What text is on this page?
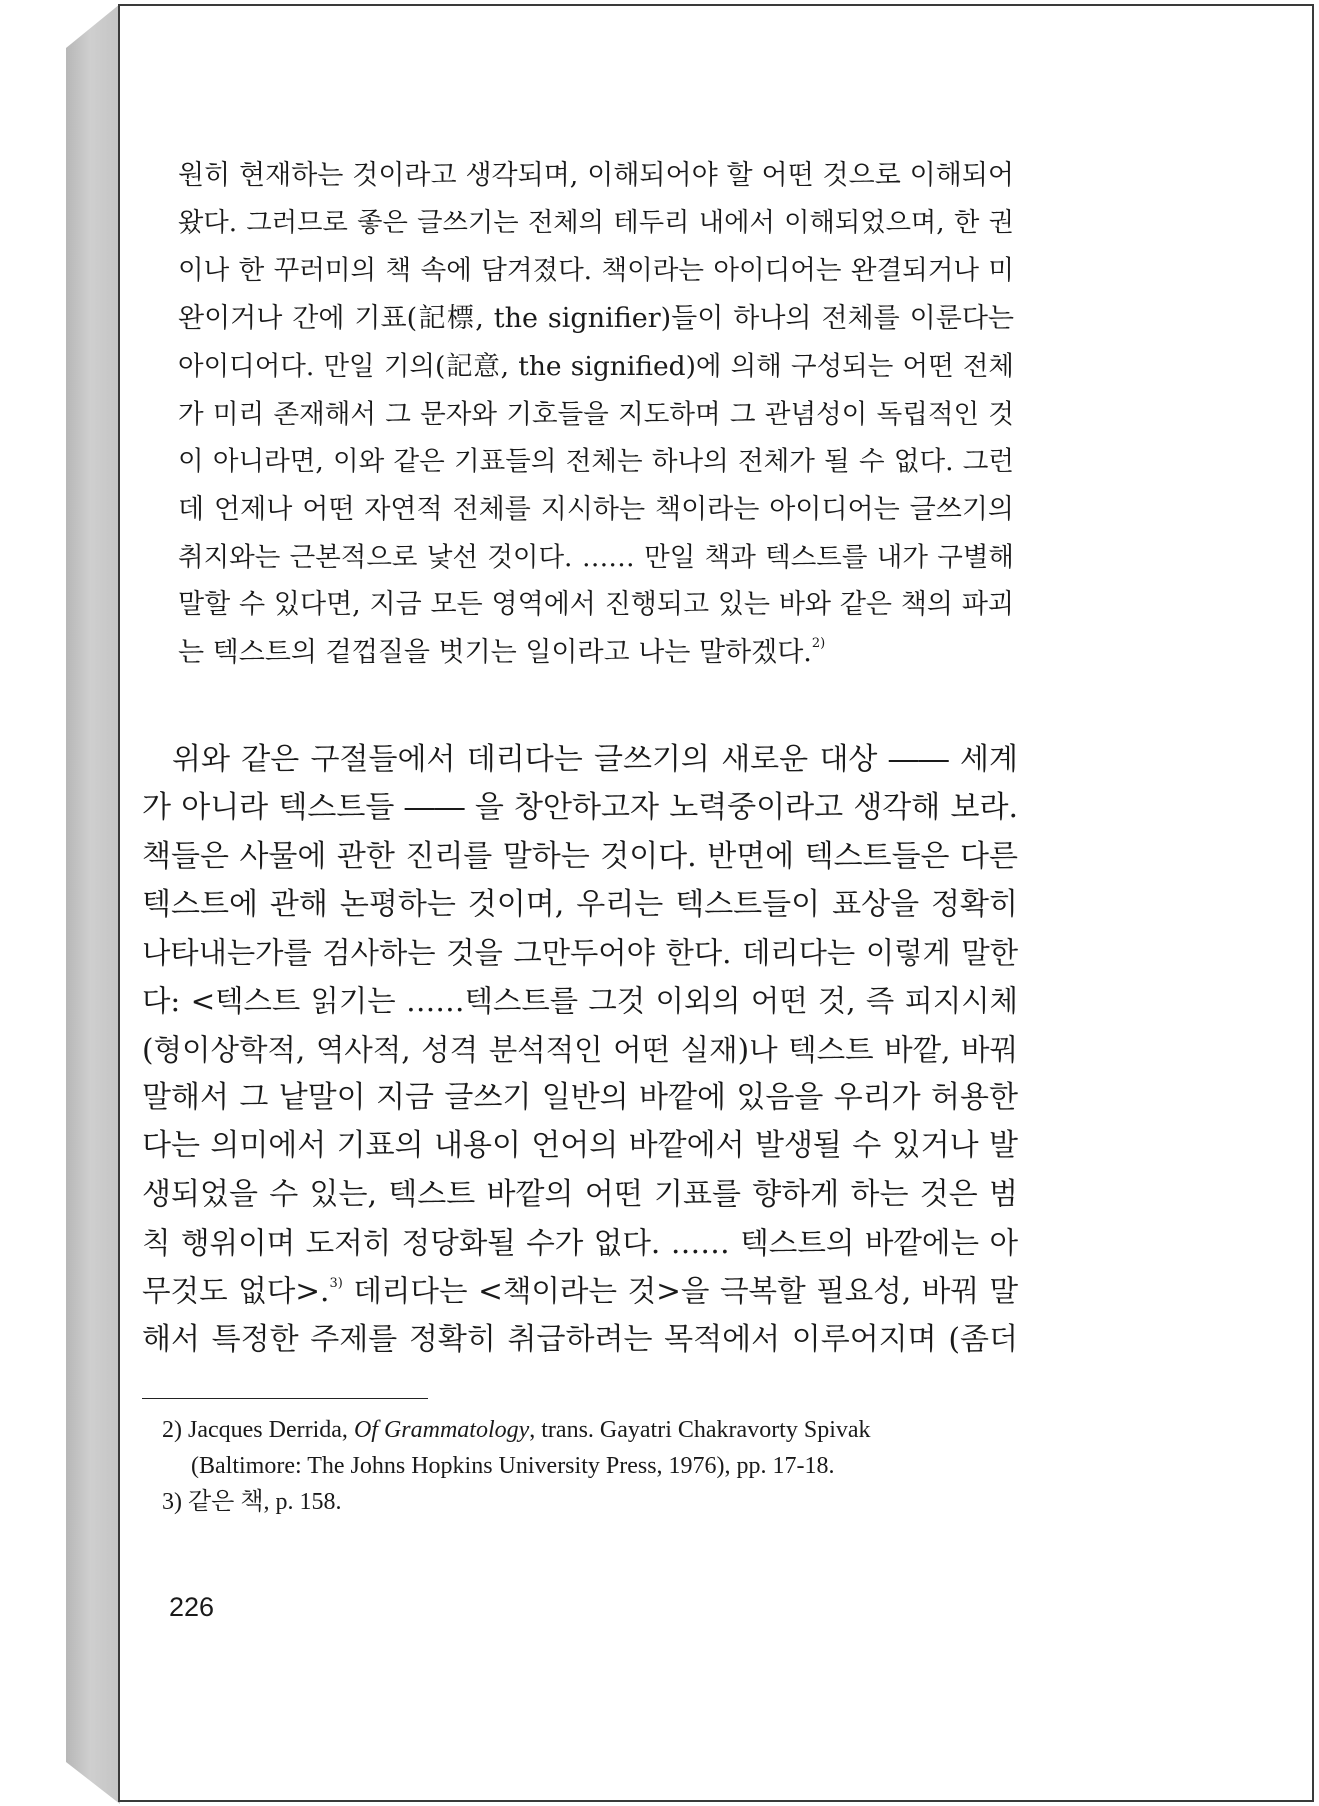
원히 현재하는 것이라고 생각되며, 이해되어야 할 어떤 것으로 이해되어
왔다. 그러므로 좋은 글쓰기는 전체의 테두리 내에서 이해되었으며, 한 권
이나 한 꾸러미의 책 속에 담겨졌다. 책이라는 아이디어는 완결되거나 미
완이거나 간에 기표(記標, the signifier)들이 하나의 전체를 이룬다는
아이디어다. 만일 기의(記意, the signified)에 의해 구성되는 어떤 전체
가 미리 존재해서 그 문자와 기호들을 지도하며 그 관념성이 독립적인 것
이 아니라면, 이와 같은 기표들의 전체는 하나의 전체가 될 수 없다. 그런
데 언제나 어떤 자연적 전체를 지시하는 책이라는 아이디어는 글쓰기의
취지와는 근본적으로 낯선 것이다. …… 만일 책과 텍스트를 내가 구별해
말할 수 있다면, 지금 모든 영역에서 진행되고 있는 바와 같은 책의 파괴
는 텍스트의 겉껍질을 벗기는 일이라고 나는 말하겠다.$^{2)}$
위와 같은 구절들에서 데리다는 글쓰기의 새로운 대상 ―― 세계
가 아니라 텍스트들 ―― 을 창안하고자 노력중이라고 생각해 보라.
책들은 사물에 관한 진리를 말하는 것이다. 반면에 텍스트들은 다른
텍스트에 관해 논평하는 것이며, 우리는 텍스트들이 표상을 정확히
나타내는가를 검사하는 것을 그만두어야 한다. 데리다는 이렇게 말한
다: <텍스트 읽기는 ……텍스트를 그것 이외의 어떤 것, 즉 피지시체
(형이상학적, 역사적, 성격 분석적인 어떤 실재)나 텍스트 바깥, 바꿔
말해서 그 낱말이 지금 글쓰기 일반의 바깥에 있음을 우리가 허용한
다는 의미에서 기표의 내용이 언어의 바깥에서 발생될 수 있거나 발
생되었을 수 있는, 텍스트 바깥의 어떤 기표를 향하게 하는 것은 범
칙 행위이며 도저히 정당화될 수가 없다. …… 텍스트의 바깥에는 아
무것도 없다>.$^{3)}$ 데리다는 <책이라는 것>을 극복할 필요성, 바꿔 말
해서 특정한 주제를 정확히 취급하려는 목적에서 이루어지며 (좀더
2) Jacques Derrida, Of Grammatology, trans. Gayatri Chakravorty Spivak
(Baltimore: The Johns Hopkins University Press, 1976), pp. 17-18.
3) 같은 책, p. 158.
226
